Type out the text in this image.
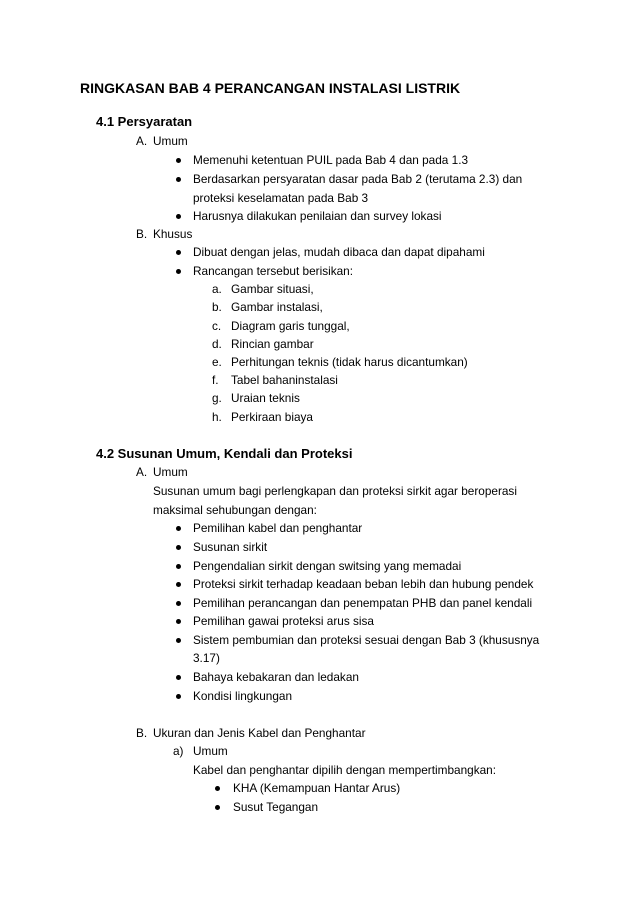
RINGKASAN BAB 4 PERANCANGAN INSTALASI LISTRIK
4.1 Persyaratan
A. Umum
Memenuhi ketentuan PUIL pada Bab 4 dan pada 1.3
Berdasarkan persyaratan dasar pada Bab 2 (terutama 2.3) dan
proteksi keselamatan pada Bab 3
Harusnya dilakukan penilaian dan survey lokasi
B. Khusus
Dibuat dengan jelas, mudah dibaca dan dapat dipahami
Rancangan tersebut berisikan:
a. Gambar situasi,
b. Gambar instalasi,
c. Diagram garis tunggal,
d. Rincian gambar
e. Perhitungan teknis (tidak harus dicantumkan)
f. Tabel bahaninstalasi
g. Uraian teknis
h. Perkiraan biaya
4.2 Susunan Umum, Kendali dan Proteksi
A. Umum
Susunan umum bagi perlengkapan dan proteksi sirkit agar beroperasi
maksimal sehubungan dengan:
Pemilihan kabel dan penghantar
Susunan sirkit
Pengendalian sirkit dengan switsing yang memadai
Proteksi sirkit terhadap keadaan beban lebih dan hubung pendek
Pemilihan perancangan dan penempatan PHB dan panel kendali
Pemilihan gawai proteksi arus sisa
Sistem pembumian dan proteksi sesuai dengan Bab 3 (khususnya
3.17)
Bahaya kebakaran dan ledakan
Kondisi lingkungan
B. Ukuran dan Jenis Kabel dan Penghantar
a) Umum
Kabel dan penghantar dipilih dengan mempertimbangkan:
KHA (Kemampuan Hantar Arus)
Susut Tegangan
